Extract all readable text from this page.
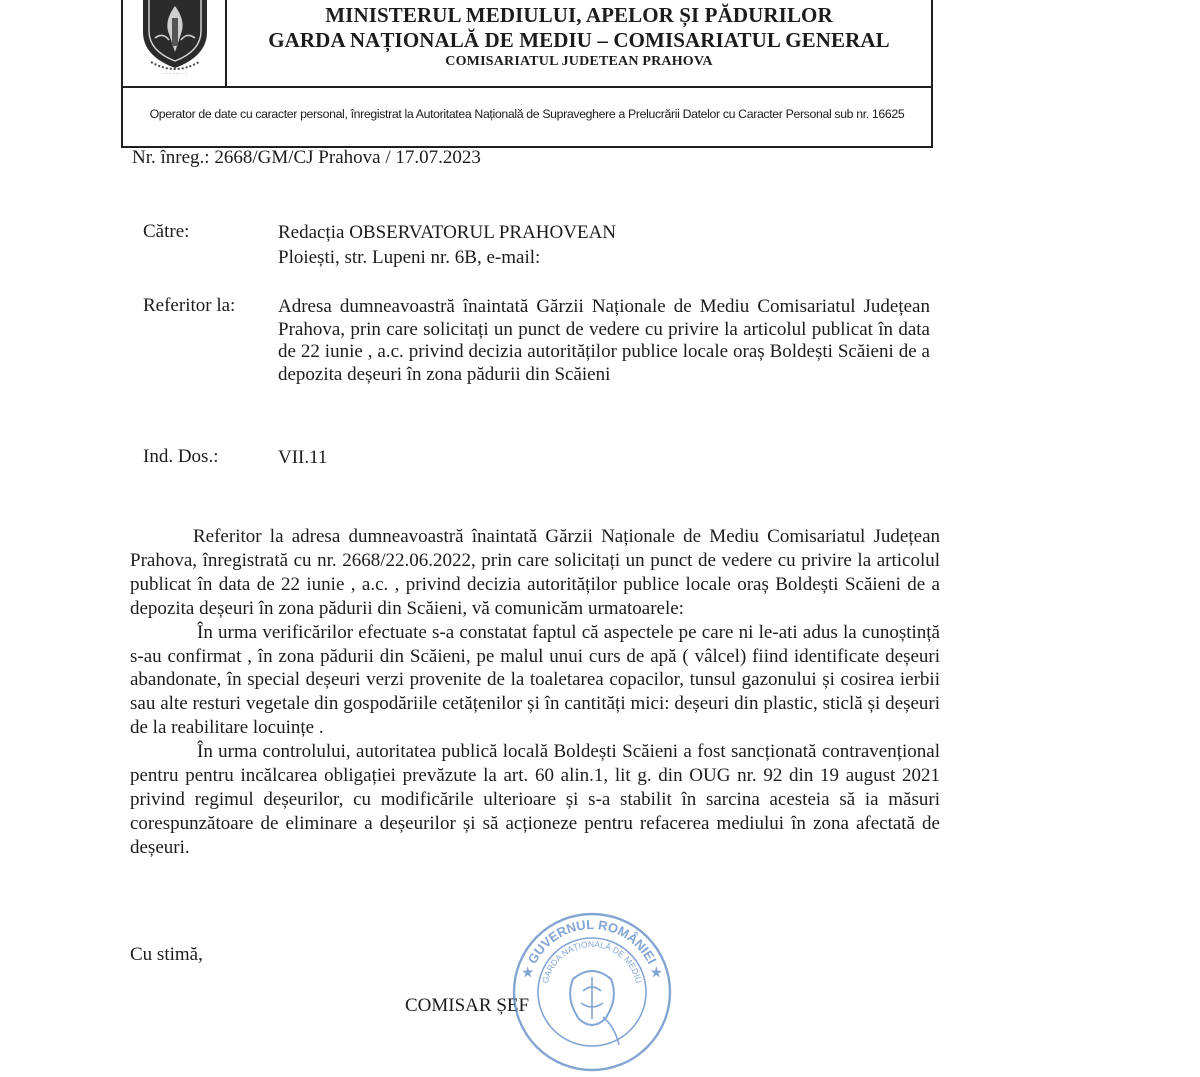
· · · · · · · ·
MINISTERUL MEDIULUI, APELOR ȘI PĂDURILOR
GARDA NAȚIONALĂ DE MEDIU – COMISARIATUL GENERAL
COMISARIATUL JUDETEAN PRAHOVA
Operator de date cu caracter personal, înregistrat la Autoritatea Națională de Supraveghere a Prelucrării Datelor cu Caracter Personal sub nr. 16625
Nr. înreg.: 2668/GM/CJ Prahova / 17.07.2023
Către:	Redacția OBSERVATORUL PRAHOVEAN
Ploiești, str. Lupeni nr. 6B, e-mail:
Referitor la: Adresa dumneavoastră înaintată Gărzii Naționale de Mediu Comisariatul Județean Prahova, prin care solicitați un punct de vedere cu privire la articolul publicat în data de 22 iunie , a.c. privind decizia autorităților publice locale oraș Boldești Scăieni de a depozita deșeuri în zona pădurii din Scăieni
Ind. Dos.:	VII.11

Referitor la adresa dumneavoastră înaintată Gărzii Naționale de Mediu Comisariatul Județean Prahova, înregistrată cu nr. 2668/22.06.2022, prin care solicitați un punct de vedere cu privire la articolul publicat în data de 22 iunie , a.c. , privind decizia autorităților publice locale oraș Boldești Scăieni de a depozita deșeuri în zona pădurii din Scăieni, vă comunicăm urmatoarele:

În urma verificărilor efectuate s-a constatat faptul că aspectele pe care ni le-ati adus la cunoștință s-au confirmat , în zona pădurii din Scăieni, pe malul unui curs de apă ( vâlcel) fiind identificate deșeuri abandonate, în special deșeuri verzi provenite de la toaletarea copacilor, tunsul gazonului și cosirea ierbii sau alte resturi vegetale din gospodăriile cetățenilor și în cantități mici: deșeuri din plastic, sticlă și deșeuri de la reabilitare locuințe .

În urma controlului, autoritatea publică locală Boldești Scăieni a fost sancționată contravențional pentru pentru incălcarea obligației prevăzute la art. 60 alin.1, lit g. din OUG nr. 92 din 19 august 2021 privind regimul deșeurilor, cu modificările ulterioare și s-a stabilit în sarcina acesteia să ia măsuri corespunzătoare de eliminare a deșeurilor și să acționeze pentru refacerea mediului în zona afectată de deșeuri.

Cu stimă,
COMISAR ȘEF
★ GUVERNUL ROMÂNIEI ★
GARDA NAȚIONALĂ DE MEDIU
